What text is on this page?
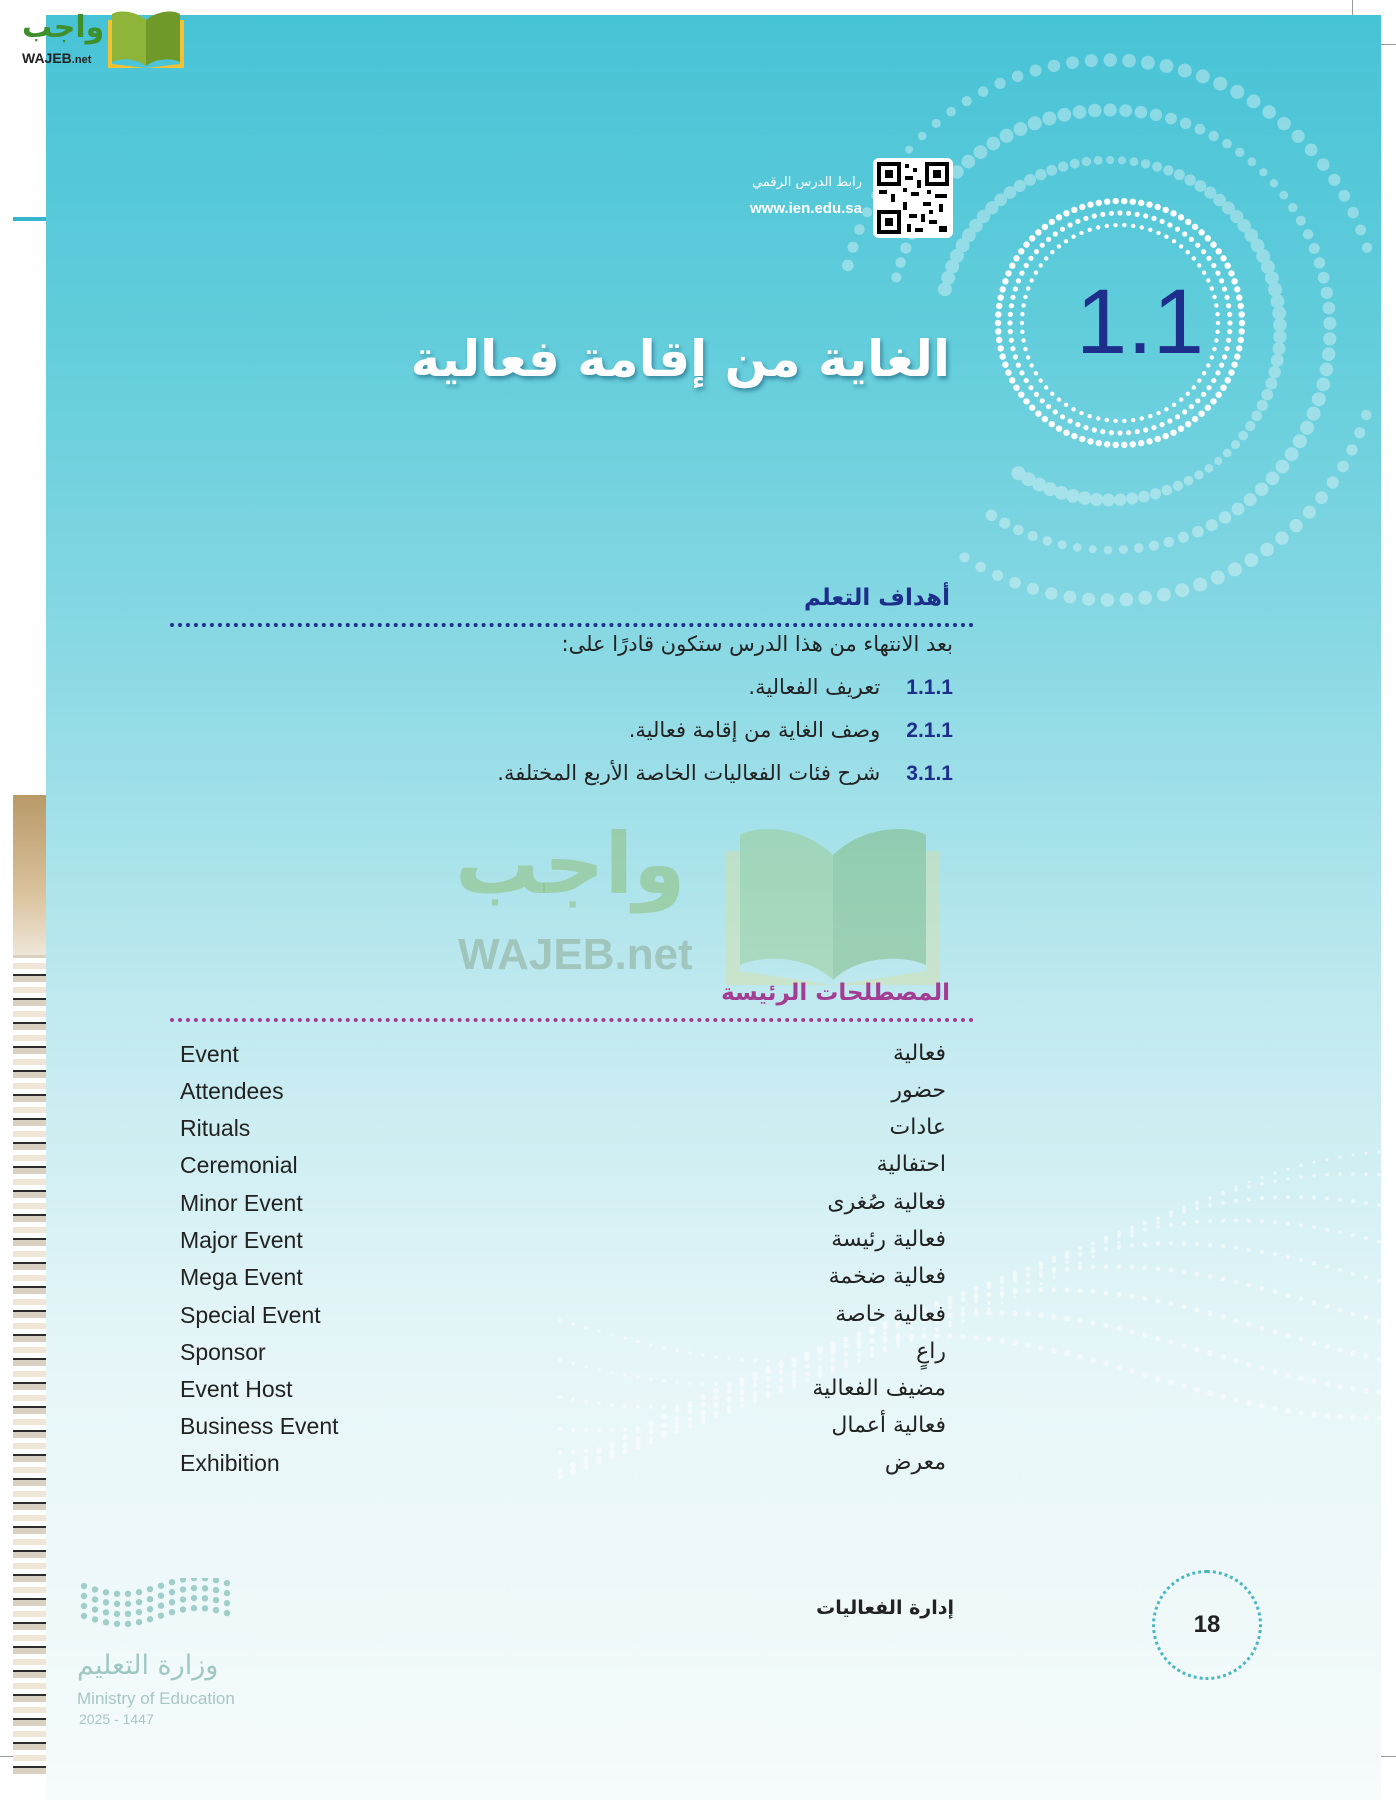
واجب
WAJEB.net
رابط الدرس الرقمي
www.ien.edu.sa
1.1
الغاية من إقامة فعالية
أهداف التعلم
بعد الانتهاء من هذا الدرس ستكون قادرًا على:
1.1.1تعريف الفعالية.
2.1.1وصف الغاية من إقامة فعالية.
3.1.1شرح فئات الفعاليات الخاصة الأربع المختلفة.
واجب
WAJEB.net
المصطلحات الرئيسة
Event	فعالية
Attendees	حضور
Rituals	عادات
Ceremonial	احتفالية
Minor Event	فعالية صُغرى
Major Event	فعالية رئيسة
Mega Event	فعالية ضخمة
Special Event	فعالية خاصة
Sponsor	راعٍ
Event Host	مضيف الفعالية
Business Event	فعالية أعمال
Exhibition	معرض
إدارة الفعاليات
18
وزارة التعليم
Ministry of Education
2025 - 1447
